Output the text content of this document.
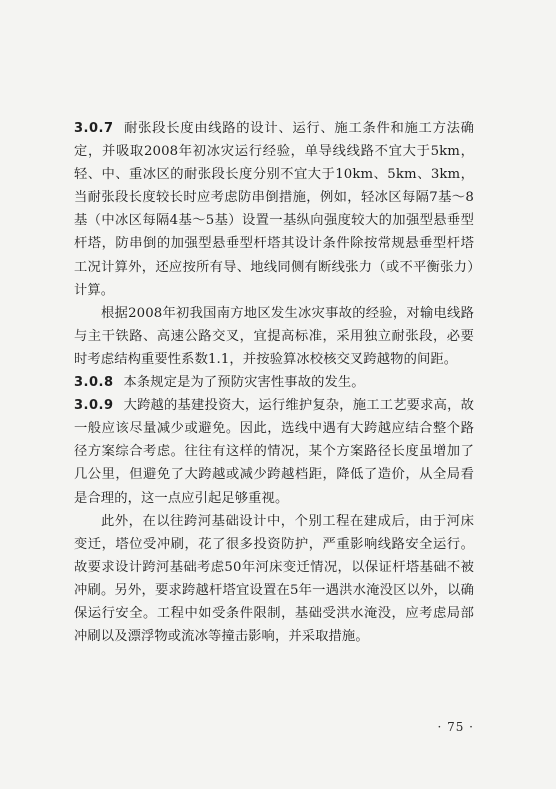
3.0.7 耐张段长度由线路的设计、运行、施工条件和施工方法确定，并吸取2008年初冰灾运行经验，单导线线路不宜大于5km，轻、中、重冰区的耐张段长度分别不宜大于10km、5km、3km，当耐张段长度较长时应考虑防串倒措施，例如，轻冰区每隔7基～8基（中冰区每隔4基～5基）设置一基纵向强度较大的加强型悬垂型杆塔，防串倒的加强型悬垂型杆塔其设计条件除按常规悬垂型杆塔工况计算外，还应按所有导、地线同侧有断线张力（或不平衡张力）计算。

根据2008年初我国南方地区发生冰灾事故的经验，对输电线路与主干铁路、高速公路交叉，宜提高标准，采用独立耐张段，必要时考虑结构重要性系数1.1，并按验算冰校核交叉跨越物的间距。

3.0.8 本条规定是为了预防灾害性事故的发生。

3.0.9 大跨越的基建投资大，运行维护复杂，施工工艺要求高，故一般应该尽量减少或避免。因此，选线中遇有大跨越应结合整个路径方案综合考虑。往往有这样的情况，某个方案路径长度虽增加了几公里，但避免了大跨越或减少跨越档距，降低了造价，从全局看是合理的，这一点应引起足够重视。

此外，在以往跨河基础设计中，个别工程在建成后，由于河床变迁，塔位受冲刷，花了很多投资防护，严重影响线路安全运行。故要求设计跨河基础考虑50年河床变迁情况，以保证杆塔基础不被冲刷。另外，要求跨越杆塔宜设置在5年一遇洪水淹没区以外，以确保运行安全。工程中如受条件限制，基础受洪水淹没，应考虑局部冲刷以及漂浮物或流冰等撞击影响，并采取措施。

· 75 ·
